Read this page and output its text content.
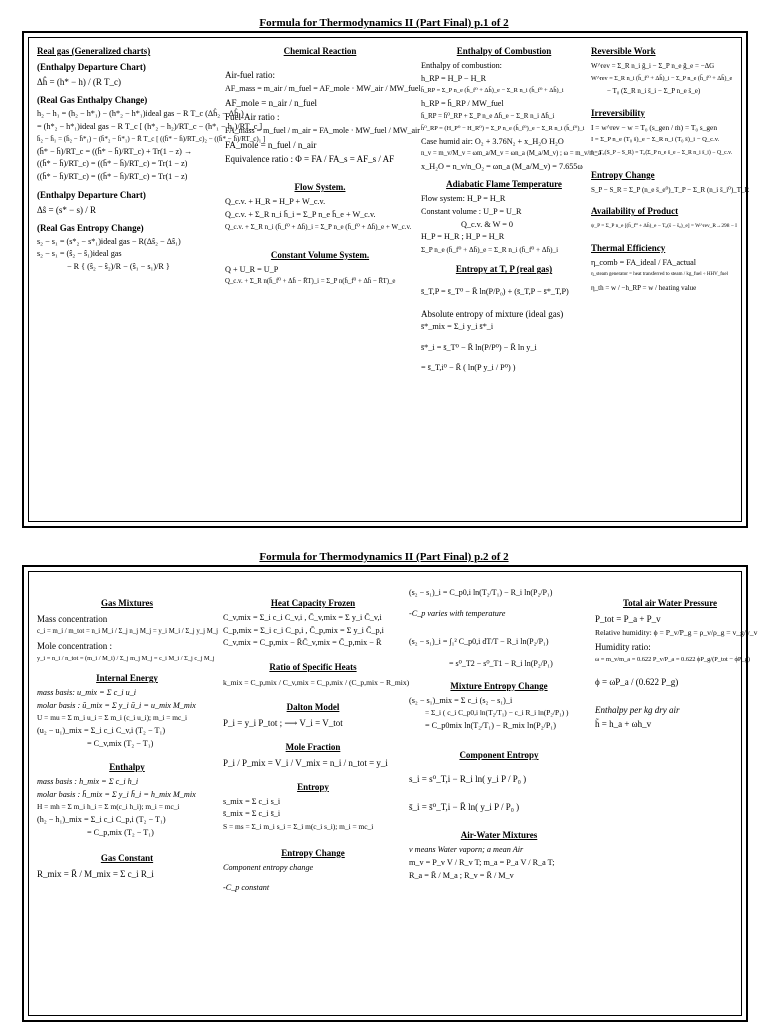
Formula for Thermodynamics II (Part Final) p.1 of 2
Real gas (Generalized charts)
(Enthalpy Departure Chart)
Δĥ = (h* − h) / (R T_c)
(Real Gas Enthalpy Change)
h₂ − h₁ = (h₂ − h*₁) − (h*₂ − h*₁)ideal gas − R T_c (Δĥ₂ − Δĥ₁)
= (h*₂ − h*₁)ideal gas − R T_c [ (h*₂ − h₂)/RT_c − (h*₁ − h₁)/RT_c ]
h̄₂ − h̄₁ = (h̄₂ − h̄*₁) − (h̄*₂ − h̄*₁) − R̄ T_c [ ((h̄* − h̄)/RT_c)₂ − ((h̄* − h̄)/RT_c)₁ ]
(h̄* − h̄)/RT_c = ((h̄* − h̄)/RT_c) + Tr(1 − z) →
((h̄* − h̄)/RT_c) = ((h̄* − h̄)/RT_c) = Tr(1 − z)
((h̄* − h̄)/RT_c) = ((h̄* − h̄)/RT_c) = Tr(1 − z)
(Enthalpy Departure Chart)
Δŝ = (s* − s) / R
(Real Gas Entropy Change)
s₂ − s₁ = (s*₂ − s*₁)ideal gas − R(Δŝ₂ − Δŝ₁)
s₂ − s₁ = (ŝ₂ − ŝ₁)ideal gas
− R { (ŝ₂ − ŝ₂)/R − (ŝ₁ − s₁)/R }
Chemical Reaction
Air-fuel ratio:
AF_mass = m_air / m_fuel = AF_mole · MW_air / MW_fuel
AF_mole = n_air / n_fuel
Fuel-Air ratio :
FA_mass = m_fuel / m_air = FA_mole · MW_fuel / MW_air
FA_mole = n_fuel / n_air
Equivalence ratio : Φ = FA / FA_s = AF_s / AF
Flow System.
Q_c.v. + H_R = H_P + W_c.v.
Q_c.v. + Σ_R n_i h̄_i = Σ_P n_e h̄_e + W_c.v.
Q_c.v. + Σ_R n_i (h̄_f⁰ + Δh̄)_i = Σ_P n_e (h̄_f⁰ + Δh̄)_e + W_c.v.
Constant Volume System.
Q + U_R = U_P
Q_c.v. + Σ_R n(h̄_f⁰ + Δh̄ − R̄T)_i = Σ_P n(h̄_f⁰ + Δh̄ − R̄T)_e
Enthalpy of Combustion
Enthalpy of combustion:
h_RP = H_P − H_R
h̄_RP = Σ_P n_e (h̄_f⁰ + Δh̄)_e − Σ_R n_i (h̄_f⁰ + Δh̄)_i
h_RP = h̄_RP / MW_fuel
h̄_RP = h̄⁰_RP + Σ_P n_e Δh̄_e − Σ_R n_i Δh̄_i
h̄⁰_RP = (H_P⁰ − H_R⁰) = Σ_P n_e (h̄_f⁰)_e − Σ_R n_i (h̄_f⁰)_i
Case humid air: O₂ + 3.76N₂ + x_H₂O H₂O
n_v = m_v/M_v = ωm_a/M_v = ωn_a (M_a/M_v) ; ω = m_v/m_a
x_H₂O = n_v/n_O₂ = ωn_a (M_a/M_v) = 7.655ω
Adiabatic Flame Temperature
Flow system: H_P = H_R
Constant volume : U_P = U_R
Q_c.v. & W = 0
H_P = H_R ; H_P = H_R
Σ_P n_e (h̄_f⁰ + Δh̄)_e = Σ_R n_i (h̄_f⁰ + Δh̄)_i
Entropy at T, P (real gas)
s̄_T,P = s̄_T⁰ − R̄ ln(P/P₀) + (s̄_T,P − s̄*_T,P)
Absolute entropy of mixture (ideal gas)
s̄*_mix = Σ_i y_i s̄*_i
s̄*_i = s̄_T⁰ − R̄ ln(P/P⁰) − R̄ ln y_i
= s̄_T,i⁰ − R̄ ( ln(P y_i / P⁰) )
Reversible Work
W^rev = Σ_R n_i ḡ_i − Σ_P n_e ḡ_e = −ΔG
W^rev = Σ_R n_i (h̄_f⁰ + Δh̄)_i − Σ_P n_e (h̄_f⁰ + Δh̄)_e
− T₀ (Σ_R n_i s̄_i − Σ_P n_e s̄_e)
Irreversibility
I = w^rev − w = T₀ (s_gen / ṁ) = T₀ s_gen
I = Σ_P n_e (T₀ s̄)_e − Σ_R n_i (T₀ s̄)_i − Q_c.v.
I = T₀(S_P − S_R) = T₀(Σ_P n_e s̄_e − Σ_R n_i s̄_i) − Q_c.v.
Entropy Change
S_P − S_R = Σ_P (n_e s̄_e⁰)_T_P − Σ_R (n_i s̄_i⁰)_T_R
Availability of Product
ψ_P = Σ_P n_e [(h̄_f⁰ + Δh̄)_e − T₀(s̄ − s̄₀)_e] = W^rev_R→298 − I
Thermal Efficiency
η_comb = FA_ideal / FA_actual
η_steam generator = heat transferred to steam / kg_fuel ÷ HHV_fuel
η_th = w / −h_RP = w / heating value
Formula for Thermodynamics II (Part Final) p.2 of 2
Gas Mixtures
Mass concentration
c_i = m_i / m_tot = n_i M_i / Σ_j n_j M_j = y_i M_i / Σ_j y_j M_j
Mole concentration :
y_i = n_i / n_tot = (m_i / M_i) / Σ_j m_j M_j = c_i M_i / Σ_j c_j M_j
Internal Energy
mass basis: u_mix = Σ c_i u_i
molar basis : ū_mix = Σ y_i ū_i = u_mix M_mix
U = mu = Σ m_i u_i = Σ m_i (c_i u_i); m_i = mc_i
(u₂ − u₁)_mix = Σ_i c_i C_v,i (T₂ − T₁)
= C_v,mix (T₂ − T₁)
Enthalpy
mass basis : h_mix = Σ c_i h_i
molar basis : h̄_mix = Σ y_i h̄_i = h_mix M_mix
H = mh = Σ m_i h_i = Σ m(c_i h_i); m_i = mc_i
(h₂ − h₁)_mix = Σ_i c_i C_p,i (T₂ − T₁)
= C_p,mix (T₂ − T₁)
Gas Constant
R_mix = R̄ / M_mix = Σ c_i R_i
Heat Capacity Frozen
C_v,mix = Σ_i c_i C_v,i , C̄_v,mix = Σ y_i C̄_v,i
C_p,mix = Σ_i c_i C_p,i , C̄_p,mix = Σ y_i C̄_p,i
C_v,mix = C_p,mix − R̄C̄_v,mix = C̄_p,mix − R̄
Ratio of Specific Heats
k_mix = C_p,mix / C_v,mix = C_p,mix / (C_p,mix − R_mix)
Dalton Model
P_i = y_i P_tot ; ⟶ V_i = V_tot
Mole Fraction
P_i / P_mix = V_i / V_mix = n_i / n_tot = y_i
Entropy
s_mix = Σ c_i s_i
s̄_mix = Σ c_i s̄_i
S = ms = Σ_i m_i s_i = Σ_i m(c_i s_i); m_i = mc_i
Entropy Change
Component entropy change
-C_p constant
(s₂ − s₁)_i = C_p0,i ln(T₂/T₁) − R_i ln(P₂/P₁)
-C_p varies with temperature
(s₂ − s₁)_i = ∫₁² C_p0,i dT/T − R_i ln(P₂/P₁)
= s⁰_T2 − s⁰_T1 − R_i ln(P₂/P₁)
Mixture Entropy Change
(s₂ − s₁)_mix = Σ c_i (s₂ − s₁)_i
= Σ_i ( c_i C_p0,i ln(T₂/T₁) − c_i R_i ln(P₂/P₁) )
= C_p0mix ln(T₂/T₁) − R_mix ln(P₂/P₁)
Component Entropy
s_i = s⁰_T,i − R_i ln( y_i P / P₀ )
s̄_i = s̄⁰_T,i − R̄ ln( y_i P / P₀ )
Air-Water Mixtures
v means Water vaporn; a mean Air
m_v = P_v V / R_v T; m_a = P_a V / R_a T;
R_a = R̄ / M_a ; R_v = R̄ / M_v
Total air Water Pressure
P_tot = P_a + P_v
Relative humidity: ϕ = P_v/P_g = ρ_v/ρ_g = v_g/v_v
Humidity ratio:
ω = m_v/m_a = 0.622 P_v/P_a = 0.622 ϕP_g/(P_tot − ϕP_g)
ϕ = ωP_a / (0.622 P_g)
Enthalpy per kg dry air
h̃ = h_a + ωh_v
